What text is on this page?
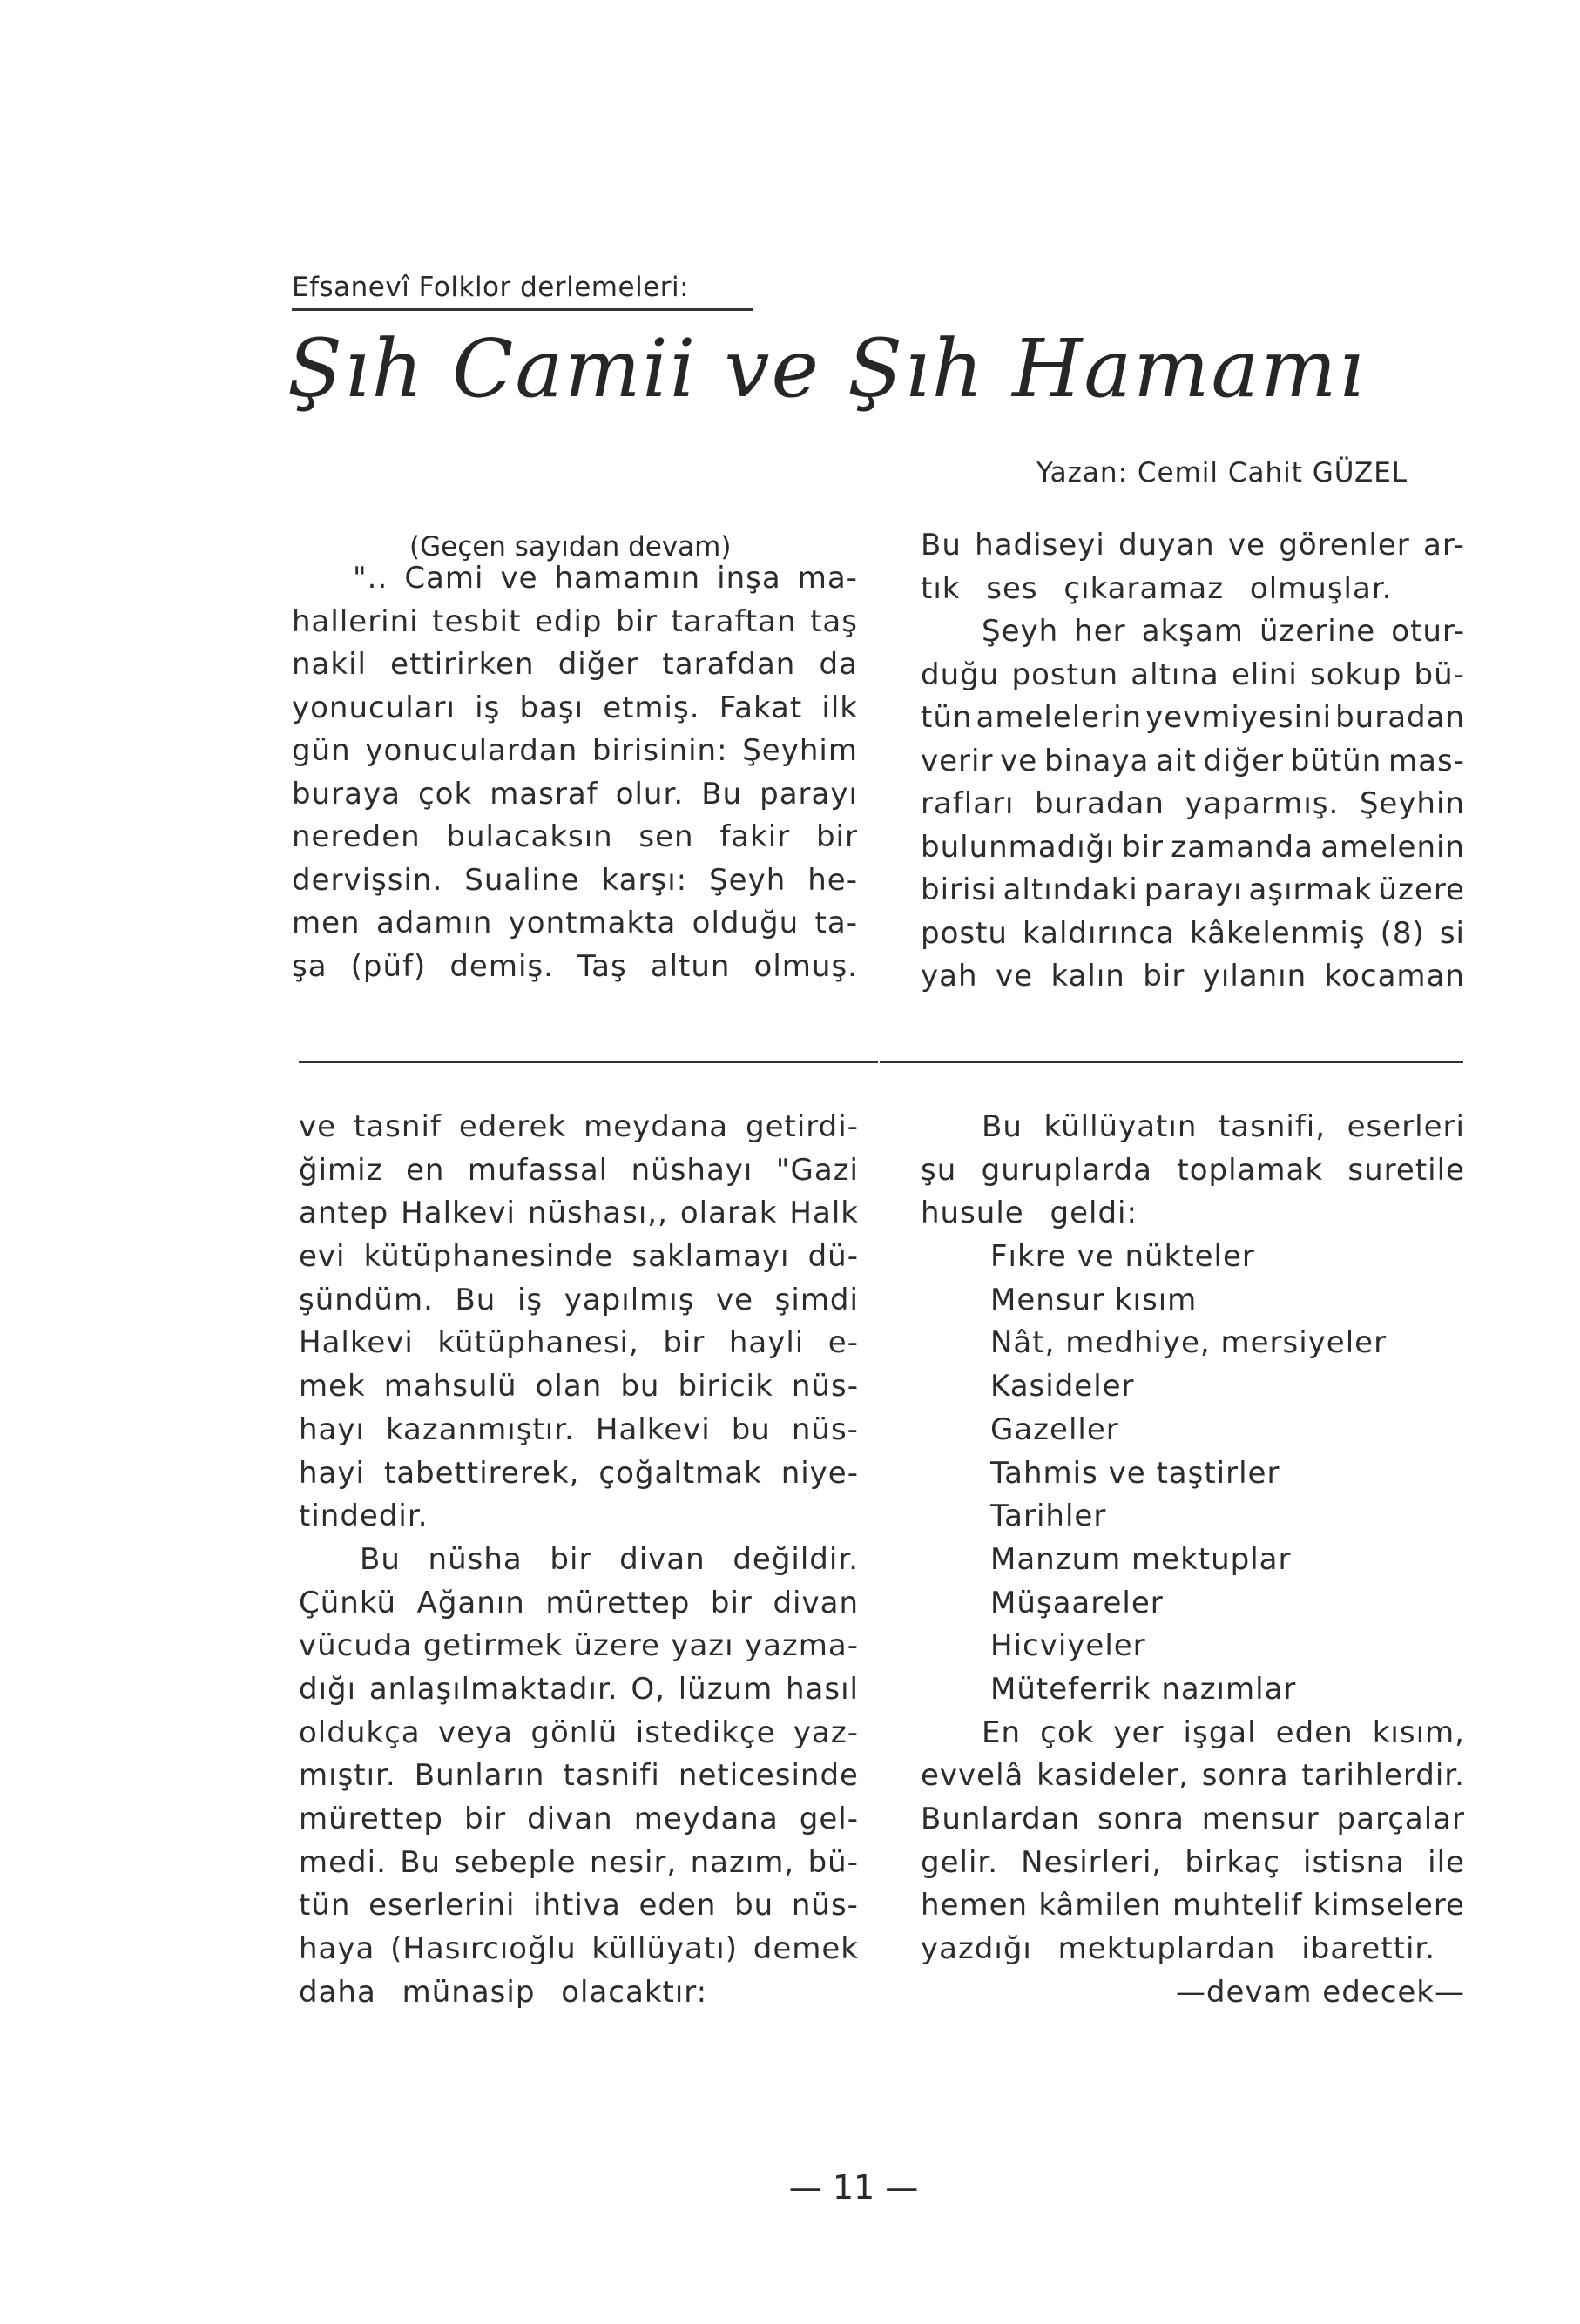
Efsanevî Folklor derlemeleri:
Şıh Camii ve Şıh Hamamı
Yazan: Cemil Cahit GÜZEL
(Geçen sayıdan devam)
".. Cami ve hamamın inşa ma-
hallerini tesbit edip bir taraftan taş
nakil ettirirken diğer tarafdan da
yonucuları iş başı etmiş. Fakat ilk
gün yonuculardan birisinin: Şeyhim
buraya çok masraf olur. Bu parayı
nereden bulacaksın sen fakir bir
dervişsin. Sualine karşı: Şeyh he-
men adamın yontmakta olduğu ta-
şa (püf) demiş. Taş altun olmuş.
Bu hadiseyi duyan ve görenler ar-
tık ses çıkaramaz olmuşlar.
Şeyh her akşam üzerine otur-
duğu postun altına elini sokup bü-
tün amelelerin yevmiyesini buradan
verir ve binaya ait diğer bütün mas-
rafları buradan yaparmış. Şeyhin
bulunmadığı bir zamanda amelenin
birisi altındaki parayı aşırmak üzere
postu kaldırınca kâkelenmiş (8) si
yah ve kalın bir yılanın kocaman
ve tasnif ederek meydana getirdi-
ğimiz en mufassal nüshayı "Gazi
antep Halkevi nüshası,, olarak Halk
evi kütüphanesinde saklamayı dü-
şündüm. Bu iş yapılmış ve şimdi
Halkevi kütüphanesi, bir hayli e-
mek mahsulü olan bu biricik nüs-
hayı kazanmıştır. Halkevi bu nüs-
hayi tabettirerek, çoğaltmak niye-
tindedir.
Bu nüsha bir divan değildir.
Çünkü Ağanın mürettep bir divan
vücuda getirmek üzere yazı yazma-
dığı anlaşılmaktadır. O, lüzum hasıl
oldukça veya gönlü istedikçe yaz-
mıştır. Bunların tasnifi neticesinde
mürettep bir divan meydana gel-
medi. Bu sebeple nesir, nazım, bü-
tün eserlerini ihtiva eden bu nüs-
haya (Hasırcıoğlu küllüyatı) demek
daha münasip olacaktır:
Bu küllüyatın tasnifi, eserleri
şu guruplarda toplamak suretile
husule geldi:
Fıkre ve nükteler
Mensur kısım
Nât, medhiye, mersiyeler
Kasideler
Gazeller
Tahmis ve taştirler
Tarihler
Manzum mektuplar
Müşaareler
Hicviyeler
Müteferrik nazımlar
En çok yer işgal eden kısım,
evvelâ kasideler, sonra tarihlerdir.
Bunlardan sonra mensur parçalar
gelir. Nesirleri, birkaç istisna ile
hemen kâmilen muhtelif kimselere
yazdığı mektuplardan ibarettir.
—devam edecek—
— 11 —
